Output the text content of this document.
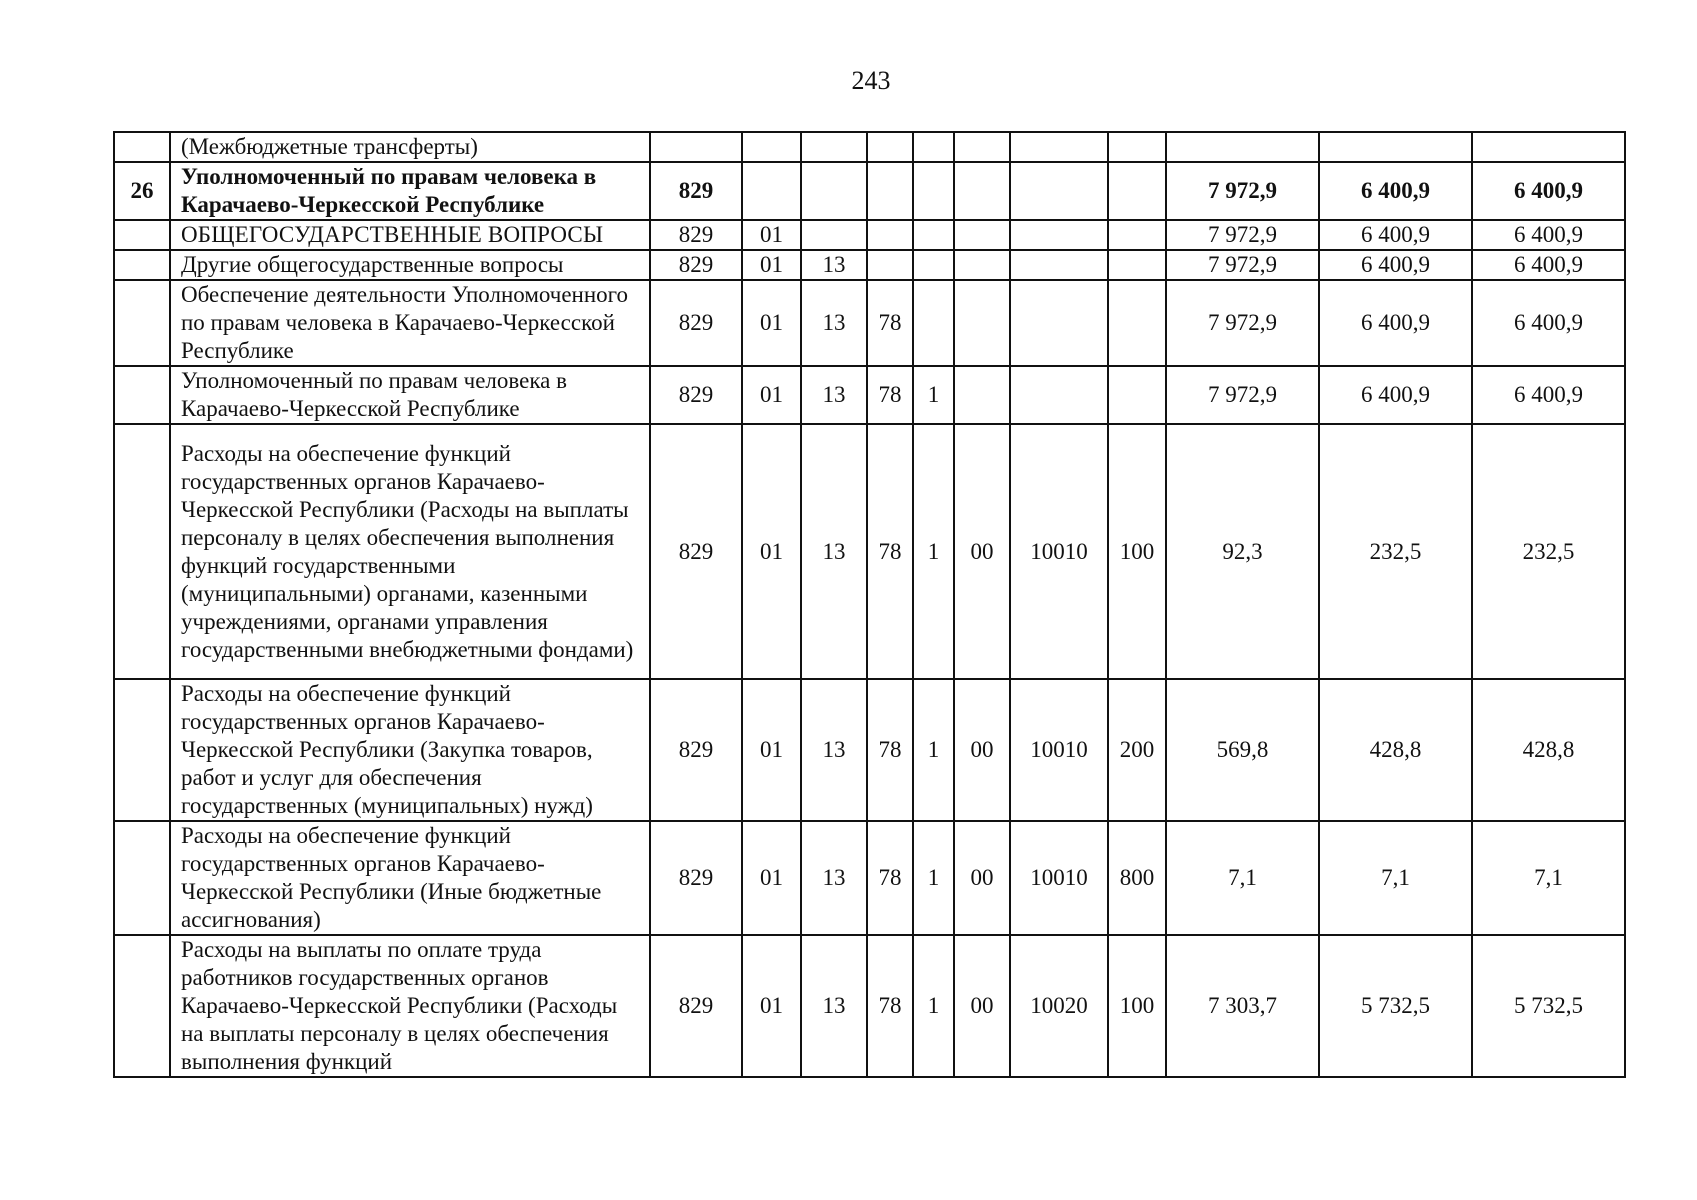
243
	(Межбюджетные трансферты)											
26	Уполномоченный по правам человека в Карачаево-Черкесской Республике	829								7 972,9	6 400,9	6 400,9
	ОБЩЕГОСУДАРСТВЕННЫЕ ВОПРОСЫ	829	01							7 972,9	6 400,9	6 400,9
	Другие общегосударственные вопросы	829	01	13						7 972,9	6 400,9	6 400,9
	Обеспечение деятельности Уполномоченного по правам человека в Карачаево-Черкесской Республике	829	01	13	78					7 972,9	6 400,9	6 400,9
	Уполномоченный по правам человека в Карачаево-Черкесской Республике	829	01	13	78	1				7 972,9	6 400,9	6 400,9
	Расходы на обеспечение функций государственных органов Карачаево-Черкесской Республики (Расходы на выплаты персоналу в целях обеспечения выполнения функций государственными (муниципальными) органами, казенными учреждениями, органами управления государственными внебюджетными фондами)	829	01	13	78	1	00	10010	100	92,3	232,5	232,5
	Расходы на обеспечение функций государственных органов Карачаево-Черкесской Республики (Закупка товаров, работ и услуг для обеспечения государственных (муниципальных) нужд)	829	01	13	78	1	00	10010	200	569,8	428,8	428,8
	Расходы на обеспечение функций государственных органов Карачаево-Черкесской Республики (Иные бюджетные ассигнования)	829	01	13	78	1	00	10010	800	7,1	7,1	7,1
	Расходы на выплаты по оплате труда работников государственных органов Карачаево-Черкесской Республики (Расходы на выплаты персоналу в целях обеспечения выполнения функций	829	01	13	78	1	00	10020	100	7 303,7	5 732,5	5 732,5
